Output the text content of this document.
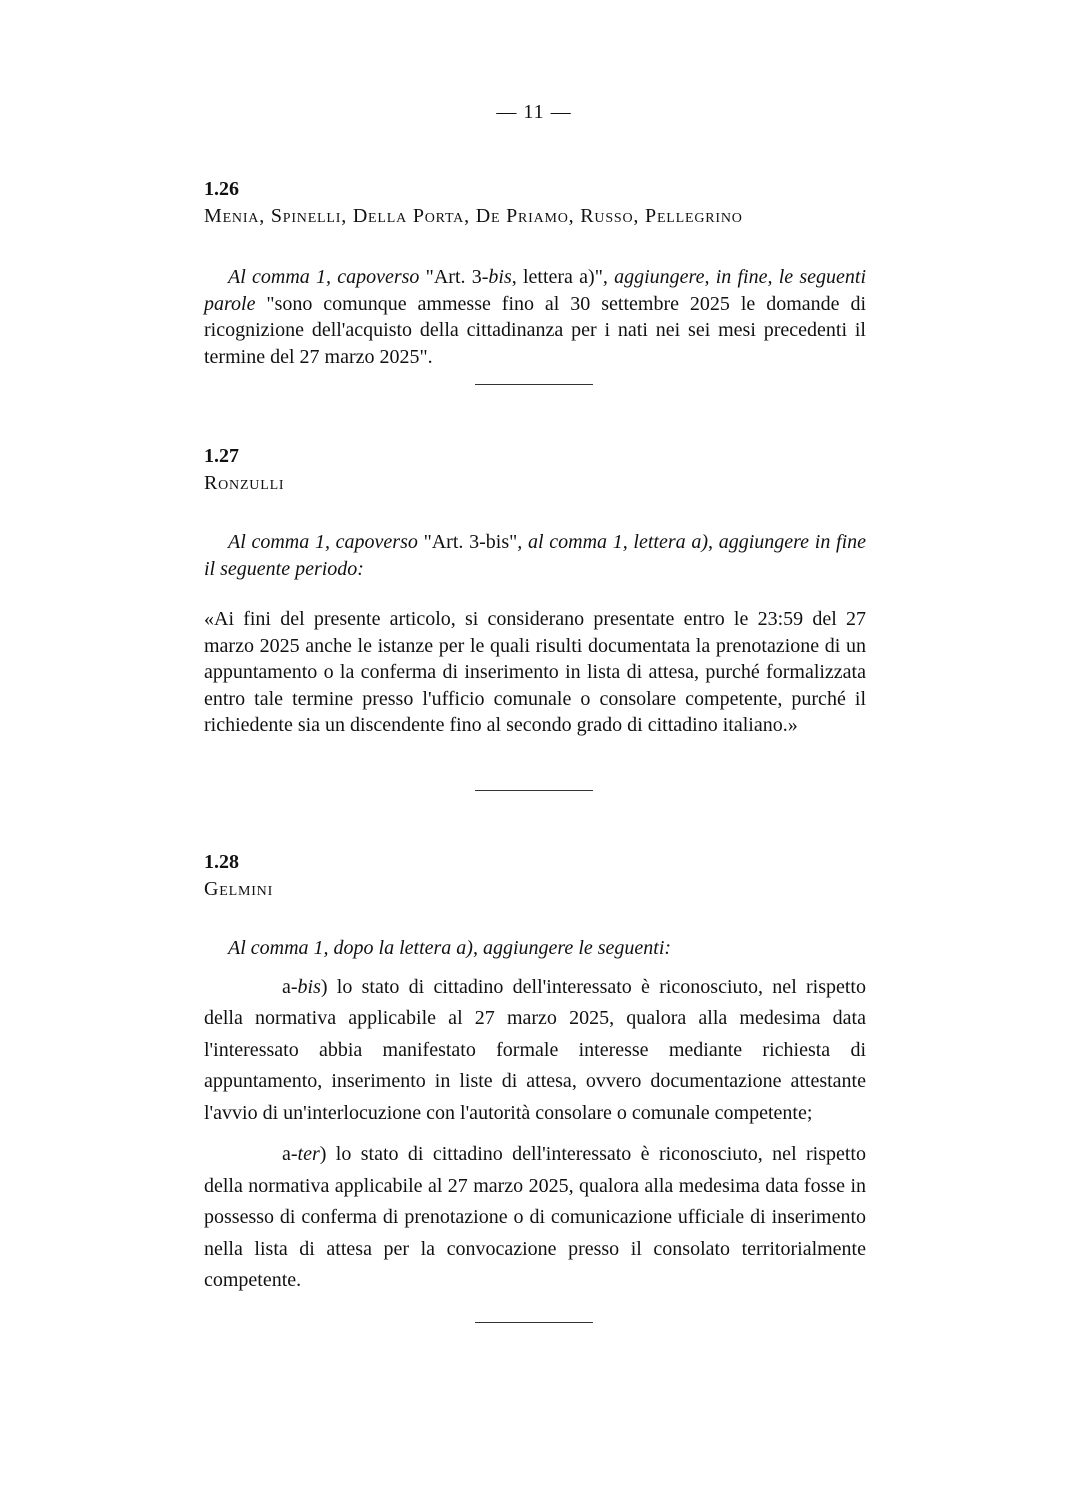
— 11 —

1.26

Menia, Spinelli, Della Porta, De Priamo, Russo, Pellegrino

Al comma 1, capoverso "Art. 3-bis, lettera a)", aggiungere, in fine, le seguenti parole "sono comunque ammesse fino al 30 settembre 2025 le domande di ricognizione dell'acquisto della cittadinanza per i nati nei sei mesi precedenti il termine del 27 marzo 2025".

1.27

Ronzulli

Al comma 1, capoverso "Art. 3-bis", al comma 1, lettera a), aggiungere in fine il seguente periodo:

«Ai fini del presente articolo, si considerano presentate entro le 23:59 del 27 marzo 2025 anche le istanze per le quali risulti documentata la prenotazione di un appuntamento o la conferma di inserimento in lista di attesa, purché formalizzata entro tale termine presso l'ufficio comunale o consolare competente, purché il richiedente sia un discendente fino al secondo grado di cittadino italiano.»

1.28

Gelmini

Al comma 1, dopo la lettera a), aggiungere le seguenti:

a-bis) lo stato di cittadino dell'interessato è riconosciuto, nel rispetto della normativa applicabile al 27 marzo 2025, qualora alla medesima data l'interessato abbia manifestato formale interesse mediante richiesta di appuntamento, inserimento in liste di attesa, ovvero documentazione attestante l'avvio di un'interlocuzione con l'autorità consolare o comunale competente;

a-ter) lo stato di cittadino dell'interessato è riconosciuto, nel rispetto della normativa applicabile al 27 marzo 2025, qualora alla medesima data fosse in possesso di conferma di prenotazione o di comunicazione ufficiale di inserimento nella lista di attesa per la convocazione presso il consolato territorialmente competente.
